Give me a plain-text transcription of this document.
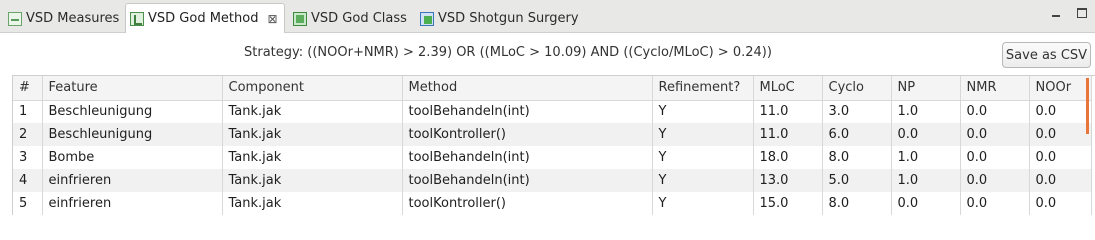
VSD Measures VSD God Method ⊠	VSD God Class VSD Shotgun Surgery
Strategy: ((NOOr+NMR) > 2.39) OR ((MLoC > 10.09) AND ((Cyclo/MLoC) > 0.24))	Save as CSV
#	Feature	Component	Method	Refinement?	MLoC	Cyclo	NP	NMR	NOOr
1	Beschleunigung	Tank.jak	toolBehandeln(int)	Y	11.0	3.0	1.0	0.0	0.0
2	Beschleunigung	Tank.jak	toolKontroller()	Y	11.0	6.0	0.0	0.0	0.0
3	Bombe	Tank.jak	toolBehandeln(int)	Y	18.0	8.0	1.0	0.0	0.0
4	einfrieren	Tank.jak	toolBehandeln(int)	Y	13.0	5.0	1.0	0.0	0.0
5	einfrieren	Tank.jak	toolKontroller()	Y	15.0	8.0	0.0	0.0	0.0
